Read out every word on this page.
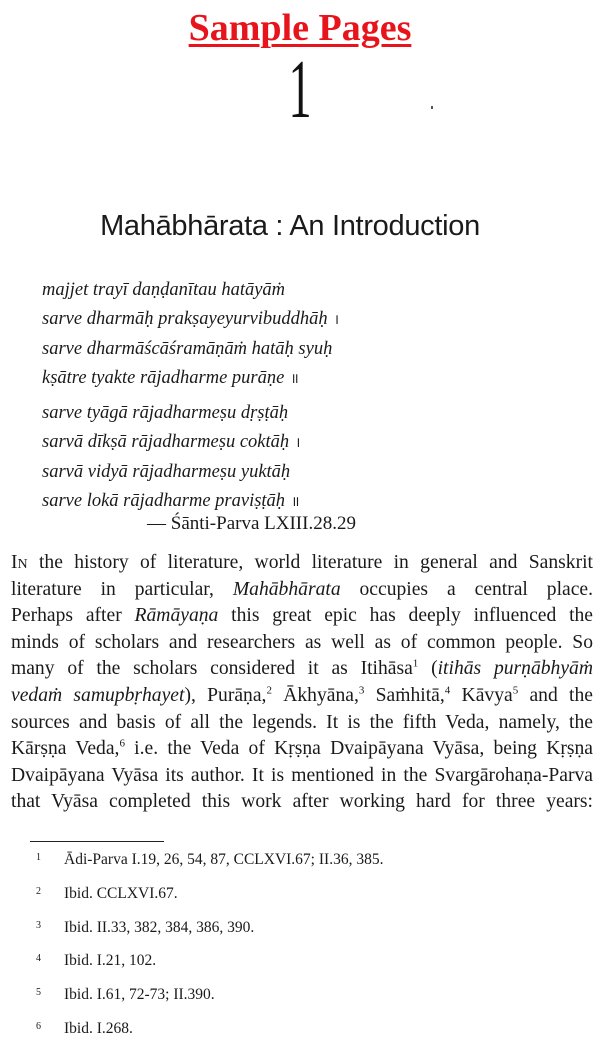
Sample Pages
1
Mahābhārata : An Introduction
majjet trayī daṇḍanītau hatāyāṁ
sarve dharmāḥ prakṣayeyurvibuddhāḥ ।
sarve dharmāścāśramāṇāṁ hatāḥ syuḥ
kṣātre tyakte rājadharme purāṇe ॥
sarve tyāgā rājadharmeṣu dṛṣṭāḥ
sarvā dīkṣā rājadharmeṣu coktāḥ ।
sarvā vidyā rājadharmeṣu yuktāḥ
sarve lokā rājadharme praviṣṭāḥ ॥
— Śānti-Parva LXIII.28.29
In the history of literature, world literature in general and Sanskrit
literature in particular, Mahābhārata occupies a central place.
Perhaps after Rāmāyaṇa this great epic has deeply influenced the
minds of scholars and researchers as well as of common people. So
many of the scholars considered it as Itihāsa$^1$ (itihās purṇābhyāṁ
vedaṁ samupbṛhayet), Purāṇa,$^2$ Ākhyāna,$^3$ Saṁhitā,$^4$ Kāvya$^5$ and the
sources and basis of all the legends. It is the fifth Veda, namely, the
Kārṣṇa Veda,$^6$ i.e. the Veda of Kṛṣṇa Dvaipāyana Vyāsa, being Kṛṣṇa
Dvaipāyana Vyāsa its author. It is mentioned in the Svargārohaṇa-Parva
that Vyāsa completed this work after working hard for three years:
1 Ādi-Parva I.19, 26, 54, 87, CCLXVI.67; II.36, 385.
2 Ibid. CCLXVI.67.
3 Ibid. II.33, 382, 384, 386, 390.
4 Ibid. I.21, 102.
5 Ibid. I.61, 72-73; II.390.
6 Ibid. I.268.
